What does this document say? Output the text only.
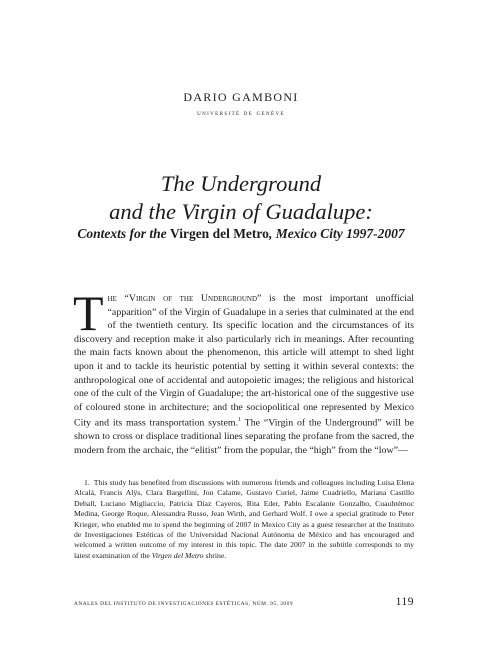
DARIO GAMBONI
université de genève
The Underground
and the Virgin of Guadalupe:
Contexts for the Virgen del Metro, Mexico City 1997-2007
The “Virgin of the Underground” is the most important unofficial “apparition” of the Virgin of Guadalupe in a series that culminated at the end of the twentieth century. Its specific location and the circumstances of its discovery and reception make it also particularly rich in meanings. After recounting the main facts known about the phenomenon, this article will attempt to shed light upon it and to tackle its heuristic potential by setting it within several contexts: the anthropological one of accidental and autopoietic images; the religious and historical one of the cult of the Virgin of Guadalupe; the art-historical one of the suggestive use of coloured stone in architecture; and the sociopolitical one represented by Mexico City and its mass transportation system.$^1$ The “Virgin of the Underground” will be shown to cross or displace traditional lines separating the profane from the sacred, the modern from the archaic, the “elitist” from the popular, the “high” from the “low”—
1. This study has benefited from discussions with numerous friends and colleagues including Luisa Elena Alcalá, Francis Alÿs, Clara Bargellini, Jon Calame, Gustavo Curiel, Jaime Cuadriello, Mariana Castillo Deball, Luciano Migliaccio, Patricia Díaz Cayeros, Rita Eder, Pablo Escalante Gonzalbo, Cuauhtémoc Medina, George Roque, Alessandra Russo, Jean Wirth, and Gerhard Wolf. I owe a special gratitude to Peter Krieger, who enabled me to spend the beginning of 2007 in Mexico City as a guest researcher at the Instituto de Investigaciones Estéticas of the Universidad Nacional Autónoma de México and has encouraged and welcomed a written outcome of my interest in this topic. The date 2007 in the subtitle corresponds to my latest examination of the Virgen del Metro shrine.
ANALES DEL INSTITUTO DE INVESTIGACIONES ESTÉTICAS, NÚM. 95, 2009	119
